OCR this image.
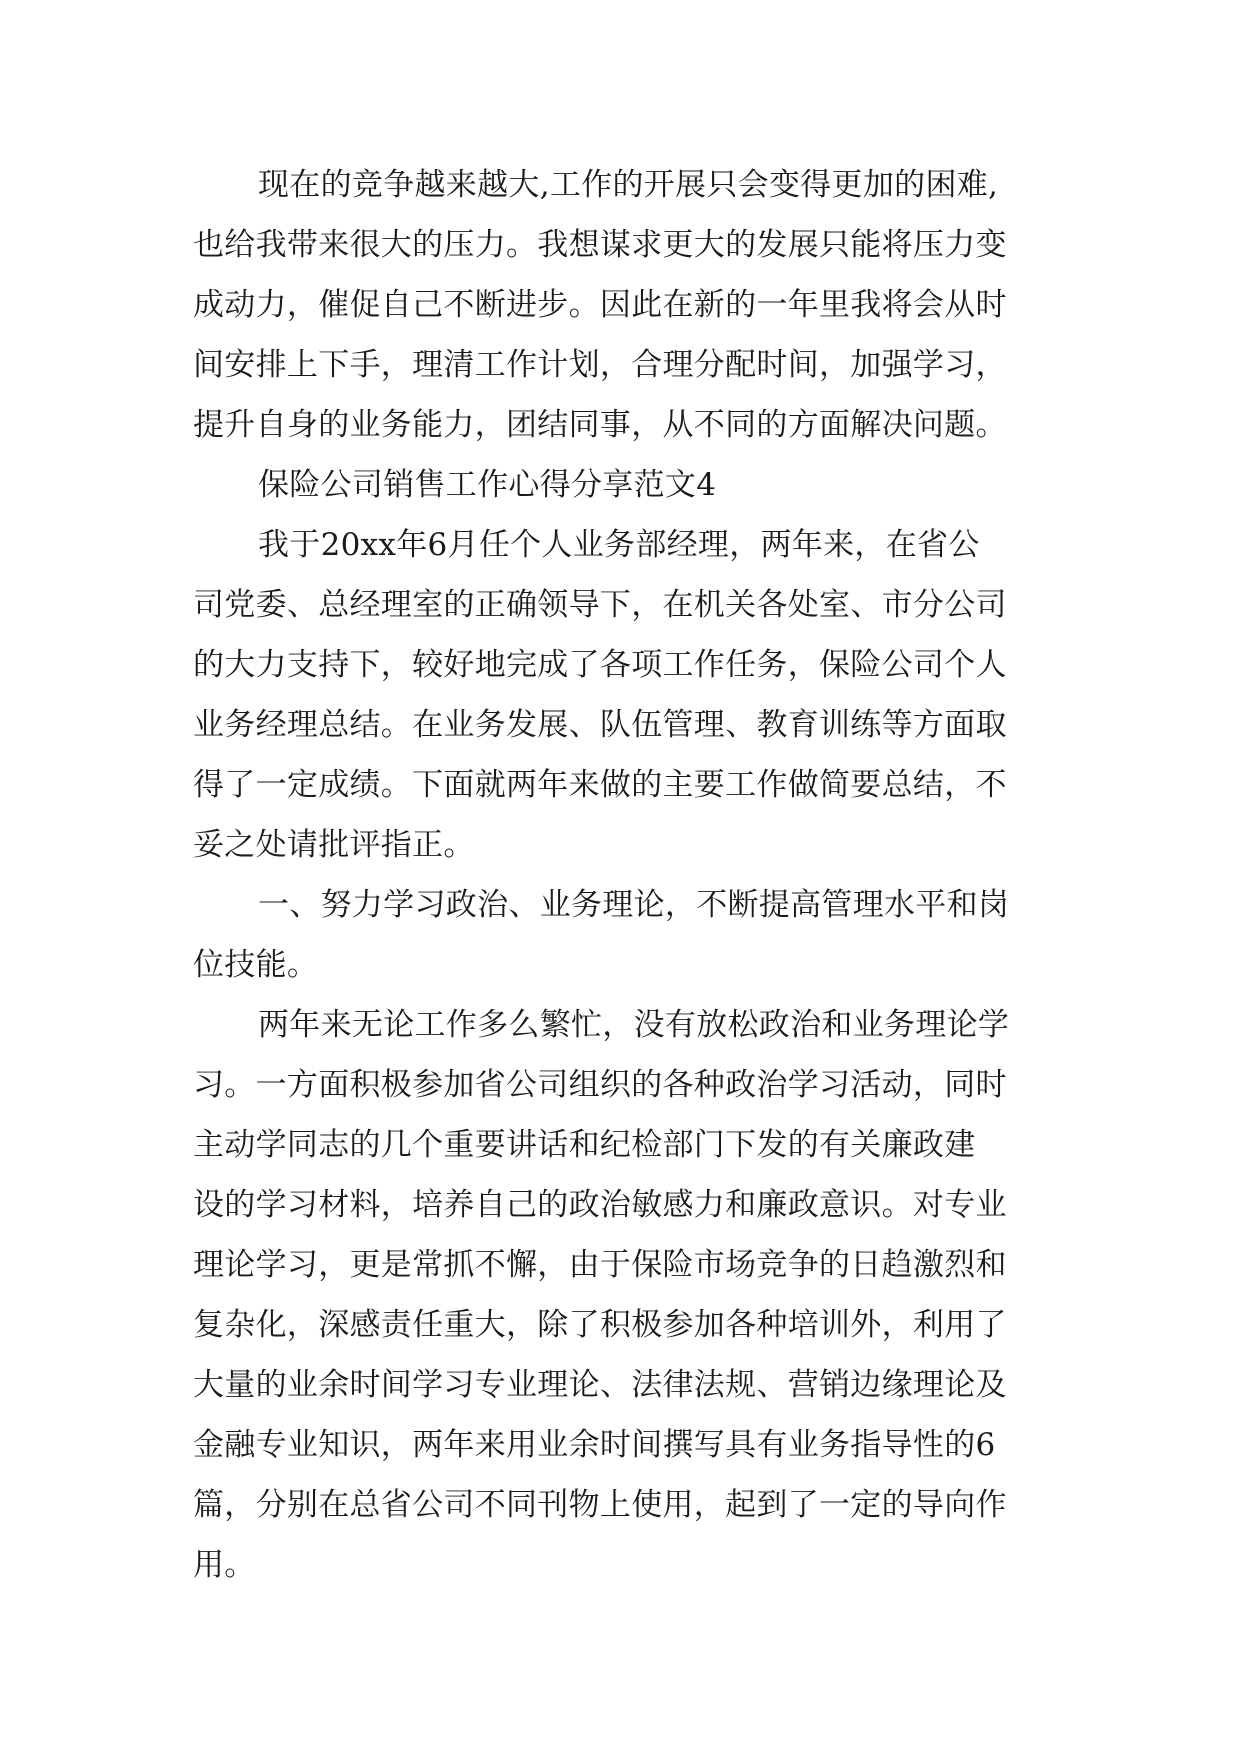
现在的竞争越来越大,工作的开展只会变得更加的困难,
也给我带来很大的压力。我想谋求更大的发展只能将压力变
成动力，催促自己不断进步。因此在新的一年里我将会从时
间安排上下手，理清工作计划，合理分配时间，加强学习，
提升自身的业务能力，团结同事，从不同的方面解决问题。
保险公司销售工作心得分享范文4
我于20xx年6月任个人业务部经理，两年来，在省公
司党委、总经理室的正确领导下，在机关各处室、市分公司
的大力支持下，较好地完成了各项工作任务，保险公司个人
业务经理总结。在业务发展、队伍管理、教育训练等方面取
得了一定成绩。下面就两年来做的主要工作做简要总结，不
妥之处请批评指正。
一、努力学习政治、业务理论，不断提高管理水平和岗
位技能。
两年来无论工作多么繁忙，没有放松政治和业务理论学
习。一方面积极参加省公司组织的各种政治学习活动，同时
主动学同志的几个重要讲话和纪检部门下发的有关廉政建
设的学习材料，培养自己的政治敏感力和廉政意识。对专业
理论学习，更是常抓不懈，由于保险市场竞争的日趋激烈和
复杂化，深感责任重大，除了积极参加各种培训外，利用了
大量的业余时间学习专业理论、法律法规、营销边缘理论及
金融专业知识，两年来用业余时间撰写具有业务指导性的6
篇，分别在总省公司不同刊物上使用，起到了一定的导向作
用。
